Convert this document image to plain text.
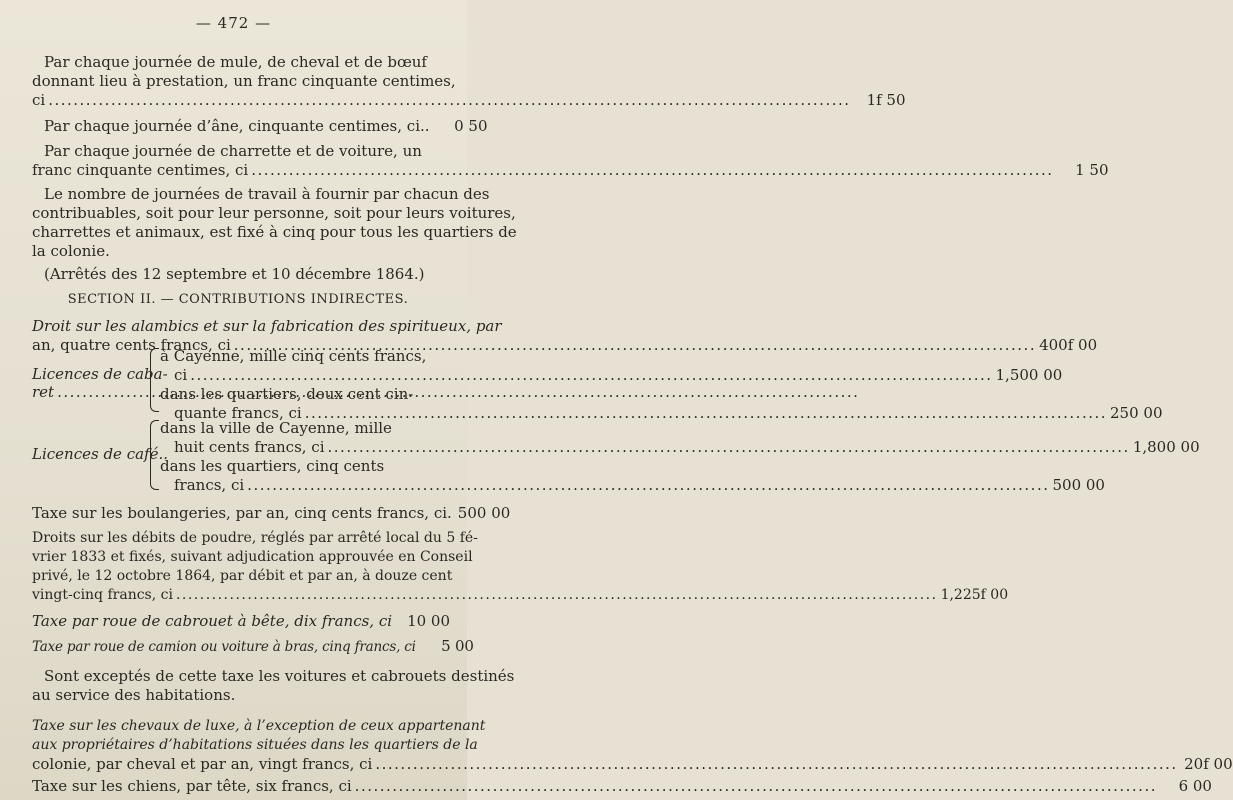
— 472 —
Par chaque journée de mule, de cheval et de bœuf
donnant lieu à prestation, un franc cinquante centimes,
ci .....	1f 50
Par chaque journée d’âne, cinquante centimes, ci..	0 50
Par chaque journée de charrette et de voiture, un
franc cinquante centimes, ci .....	1 50
Le nombre de journées de travail à fournir par chacun des
contribuables, soit pour leur personne, soit pour leurs voitures,
charrettes et animaux, est fixé à cinq pour tous les quartiers de
la colonie.
(Arrêtés des 12 septembre et 10 décembre 1864.)
SECTION II. — CONTRIBUTIONS INDIRECTES.
Droit sur les alambics et sur la fabrication des spiritueux, par
an, quatre cents francs, ci .....	400f 00
Licences de caba-
ret
.....
à Cayenne, mille cinq cents francs,
ci .....	1,500 00
dans les quartiers, deux cent cin-
quante francs, ci .....	250 00
Licences de café..
dans la ville de Cayenne, mille
huit cents francs, ci .....	1,800 00
dans les quartiers, cinq cents
francs, ci .....	500 00
Taxe sur les boulangeries, par an, cinq cents francs, ci. 500 00
Droits sur les débits de poudre, réglés par arrêté local du 5 fé-
vrier 1833 et fixés, suivant adjudication approuvée en Conseil
privé, le 12 octobre 1864, par débit et par an, à douze cent
vingt-cinq francs, ci .....	1,225f 00
Taxe par roue de cabrouet à bête, dix francs, ci	10 00
Taxe par roue de camion ou voiture à bras, cinq francs, ci	5 00
Sont exceptés de cette taxe les voitures et cabrouets destinés
au service des habitations.
Taxe sur les chevaux de luxe, à l’exception de ceux appartenant
aux propriétaires d’habitations situées dans les quartiers de la
colonie, par cheval et par an, vingt francs, ci .....	20f 00
Taxe sur les chiens, par tête, six francs, ci .....	6 00
